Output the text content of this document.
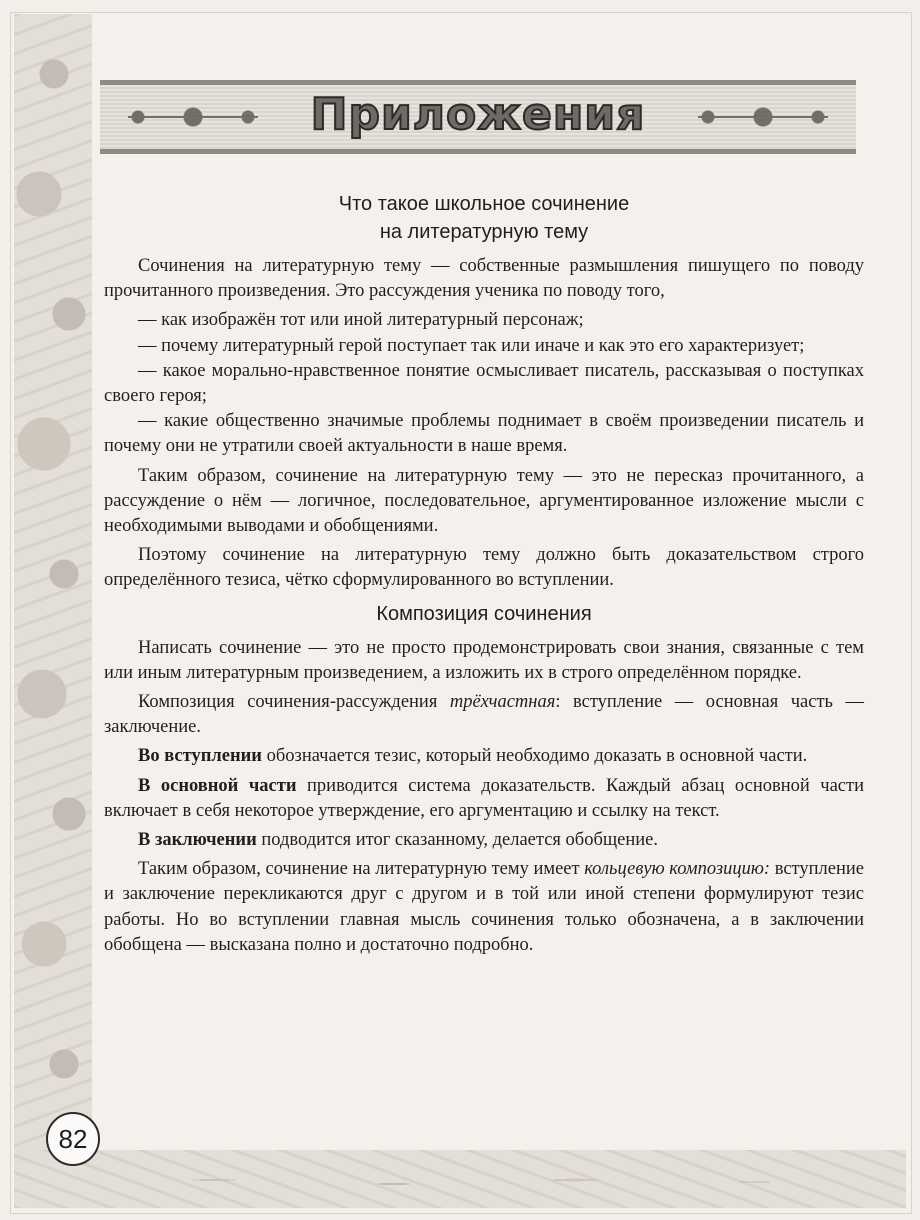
Приложения
Что такое школьное сочинение
на литературную тему

Сочинения на литературную тему — собственные размышления пишущего по поводу прочитанного произведения. Это рассуждения ученика по поводу того,

— как изображён тот или иной литературный персонаж;

— почему литературный герой поступает так или иначе и как это его характеризует;

— какое морально-нравственное понятие осмысливает писатель, рассказывая о поступках своего героя;

— какие общественно значимые проблемы поднимает в своём произведении писатель и почему они не утратили своей актуальности в наше время.

Таким образом, сочинение на литературную тему — это не пересказ прочитанного, а рассуждение о нём — логичное, последовательное, аргументированное изложение мысли с необходимыми выводами и обобщениями.

Поэтому сочинение на литературную тему должно быть доказательством строго определённого тезиса, чётко сформулированного во вступлении.

Композиция сочинения

Написать сочинение — это не просто продемонстрировать свои знания, связанные с тем или иным литературным произведением, а изложить их в строго определённом порядке.

Композиция сочинения-рассуждения трёхчастная: вступление — основная часть — заключение.

Во вступлении обозначается тезис, который необходимо доказать в основной части.

В основной части приводится система доказательств. Каждый абзац основной части включает в себя некоторое утверждение, его аргументацию и ссылку на текст.

В заключении подводится итог сказанному, делается обобщение.

Таким образом, сочинение на литературную тему имеет кольцевую композицию: вступление и заключение перекликаются друг с другом и в той или иной степени формулируют тезис работы. Но во вступлении главная мысль сочинения только обозначена, а в заключении обобщена — высказана полно и достаточно подробно.

82
